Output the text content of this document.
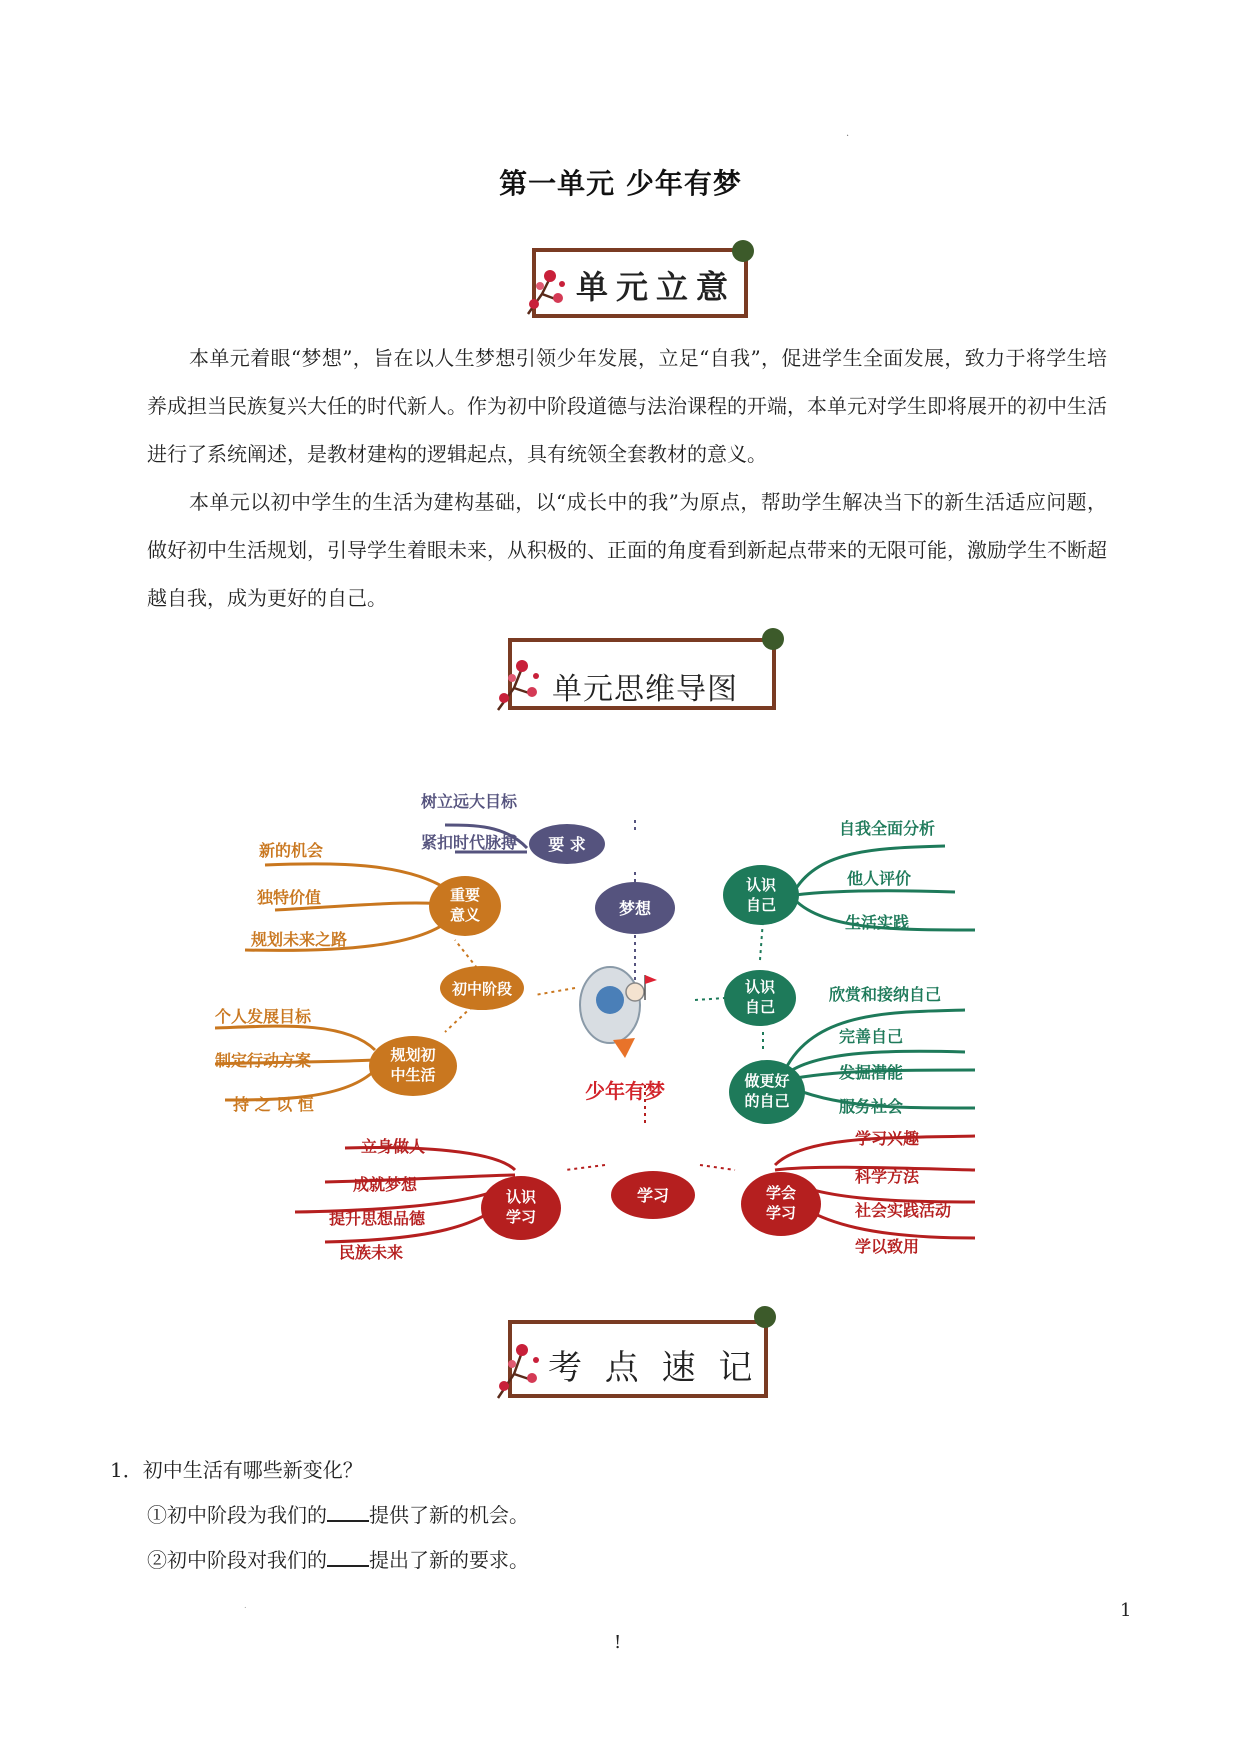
.
第一单元 少年有梦
单元立意

本单元着眼“梦想”，旨在以人生梦想引领少年发展，立足“自我”，促进学生全面发展，致力于将学生培养成担当民族复兴大任的时代新人。作为初中阶段道德与法治课程的开端，本单元对学生即将展开的初中生活进行了系统阐述，是教材建构的逻辑起点，具有统领全套教材的意义。

本单元以初中学生的生活为建构基础，以“成长中的我”为原点，帮助学生解决当下的新生活适应问题，做好初中生活规划，引导学生着眼未来，从积极的、正面的角度看到新起点带来的无限可能，激励学生不断超越自我，成为更好的自己。

单元思维导图
树立远大目标
紧扣时代脉搏 要 求
梦想
新的机会
独特价值
规划未来之路
重要
意义
初中阶段
个人发展目标
制定行动方案
持 之 以 恒
规划初
中生活
少年有梦
自我全面分析
他人评价
生活实践
认识
自己
认识
自己
欣赏和接纳自己
完善自己
发掘潜能
服务社会
做更好
的自己
学习
立身做人
成就梦想
提升思想品德
民族未来
认识
学习
学习兴趣
科学方法
社会实践活动
学以致用
学会
学习
考 点 速 记
1．初中生活有哪些新变化？
①初中阶段为我们的 提供了新的机会。
②初中阶段对我们的 提出了新的要求。
.	1
!
